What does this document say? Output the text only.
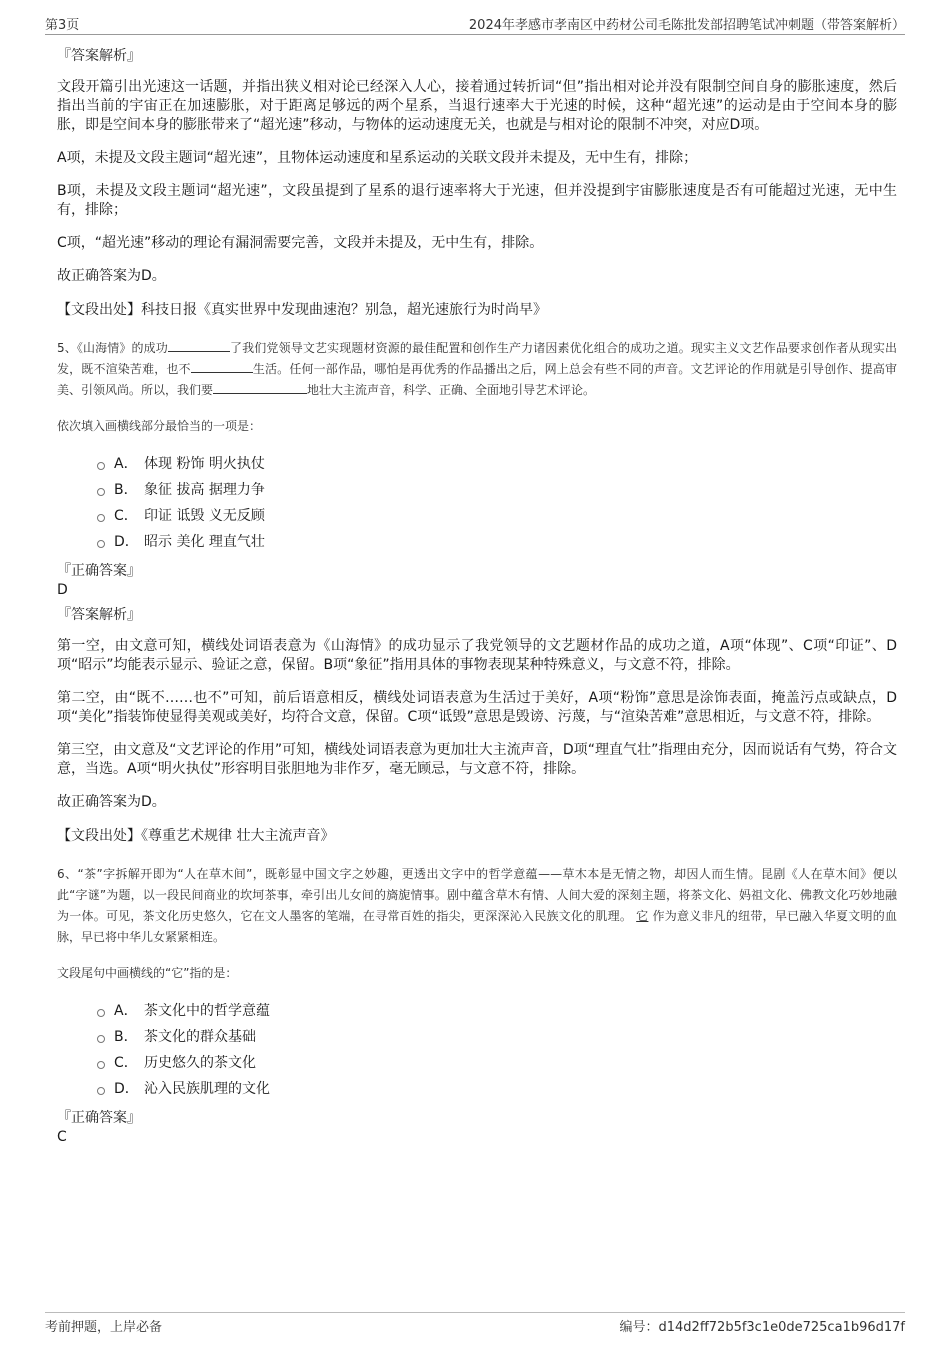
第3页	2024年孝感市孝南区中药材公司毛陈批发部招聘笔试冲刺题（带答案解析）
『答案解析』

文段开篇引出光速这一话题，并指出狭义相对论已经深入人心，接着通过转折词“但”指出相对论并没有限制空间自身的膨胀速度，然后指出当前的宇宙正在加速膨胀，对于距离足够远的两个星系，当退行速率大于光速的时候，这种“超光速”的运动是由于空间本身的膨胀，即是空间本身的膨胀带来了“超光速”移动，与物体的运动速度无关，也就是与相对论的限制不冲突，对应D项。

A项，未提及文段主题词“超光速”，且物体运动速度和星系运动的关联文段并未提及，无中生有，排除；

B项，未提及文段主题词“超光速”，文段虽提到了星系的退行速率将大于光速，但并没提到宇宙膨胀速度是否有可能超过光速，无中生有，排除；

C项，“超光速”移动的理论有漏洞需要完善，文段并未提及，无中生有，排除。

故正确答案为D。

【文段出处】科技日报《真实世界中发现曲速泡？别急，超光速旅行为时尚早》

5、《山海情》的成功	了我们党领导文艺实现题材资源的最佳配置和创作生产力诸因素优化组合的成功之道。现实主义文艺作品要求创作者从现实出发，既不渲染苦难，也不	生活。任何一部作品，哪怕是再优秀的作品播出之后，网上总会有些不同的声音。文艺评论的作用就是引导创作、提高审美、引领风尚。所以，我们要	地壮大主流声音，科学、正确、全面地引导艺术评论。

依次填入画横线部分最恰当的一项是：
A． 体现 粉饰 明火执仗
B． 象征 拔高 据理力争
C． 印证 诋毁 义无反顾
D． 昭示 美化 理直气壮
『正确答案』
D
『答案解析』

第一空，由文意可知，横线处词语表意为《山海情》的成功显示了我党领导的文艺题材作品的成功之道，A项“体现”、C项“印证”、D项“昭示”均能表示显示、验证之意，保留。B项“象征”指用具体的事物表现某种特殊意义，与文意不符，排除。

第二空，由“既不……也不”可知，前后语意相反，横线处词语表意为生活过于美好，A项“粉饰”意思是涂饰表面，掩盖污点或缺点，D项“美化”指装饰使显得美观或美好，均符合文意，保留。C项“诋毁”意思是毁谤、污蔑，与“渲染苦难”意思相近，与文意不符，排除。

第三空，由文意及“文艺评论的作用”可知，横线处词语表意为更加壮大主流声音，D项“理直气壮”指理由充分，因而说话有气势，符合文意，当选。A项“明火执仗”形容明目张胆地为非作歹，毫无顾忌，与文意不符，排除。

故正确答案为D。

【文段出处】《尊重艺术规律 壮大主流声音》

6、“茶”字拆解开即为“人在草木间”，既彰显中国文字之妙趣，更透出文字中的哲学意蕴——草木本是无情之物，却因人而生情。昆剧《人在草木间》便以此“字谜”为题，以一段民间商业的坎坷茶事，牵引出儿女间的旖旎情事。剧中蕴含草木有情、人间大爱的深刻主题，将茶文化、妈祖文化、佛教文化巧妙地融为一体。可见，茶文化历史悠久，它在文人墨客的笔端，在寻常百姓的指尖，更深深沁入民族文化的肌理。 它 作为意义非凡的纽带，早已融入华夏文明的血脉，早已将中华儿女紧紧相连。

文段尾句中画横线的“它”指的是：
A． 茶文化中的哲学意蕴
B． 茶文化的群众基础
C． 历史悠久的茶文化
D． 沁入民族肌理的文化
『正确答案』
C
考前押题，上岸必备	编号：d14d2ff72b5f3c1e0de725ca1b96d17f
